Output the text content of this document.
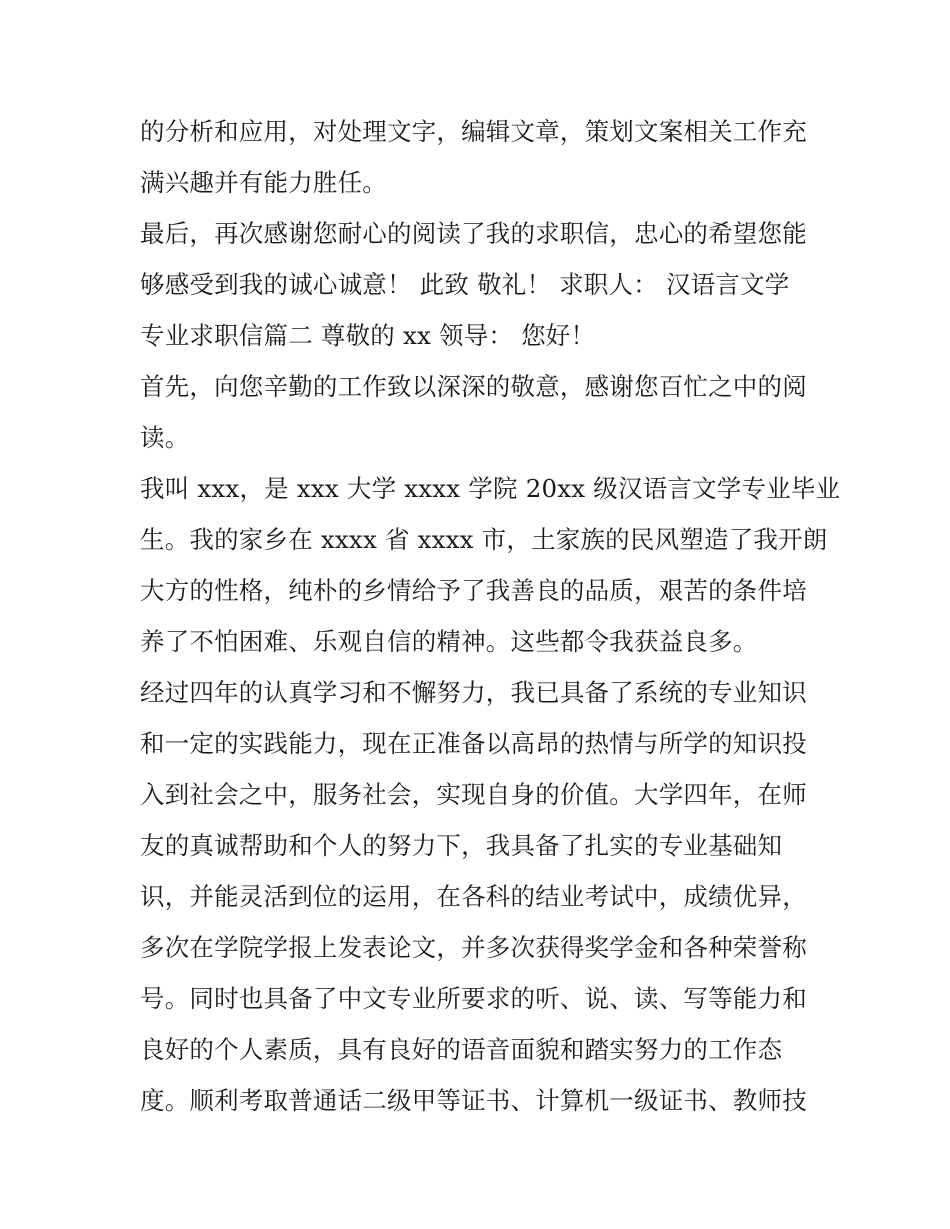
的分析和应用，对处理文字，编辑文章，策划文案相关工作充
满兴趣并有能力胜任。
最后，再次感谢您耐心的阅读了我的求职信，忠心的希望您能
够感受到我的诚心诚意！ 此致 敬礼！ 求职人： 汉语言文学
专业求职信篇二 尊敬的 xx 领导： 您好！
首先，向您辛勤的工作致以深深的敬意，感谢您百忙之中的阅
读。
我叫 xxx，是 xxx 大学 xxxx 学院 20xx 级汉语言文学专业毕业
生。我的家乡在 xxxx 省 xxxx 市，土家族的民风塑造了我开朗
大方的性格，纯朴的乡情给予了我善良的品质，艰苦的条件培
养了不怕困难、乐观自信的精神。这些都令我获益良多。
经过四年的认真学习和不懈努力，我已具备了系统的专业知识
和一定的实践能力，现在正准备以高昂的热情与所学的知识投
入到社会之中，服务社会，实现自身的价值。大学四年，在师
友的真诚帮助和个人的努力下，我具备了扎实的专业基础知
识，并能灵活到位的运用，在各科的结业考试中，成绩优异，
多次在学院学报上发表论文，并多次获得奖学金和各种荣誉称
号。同时也具备了中文专业所要求的听、说、读、写等能力和
良好的个人素质，具有良好的语音面貌和踏实努力的工作态
度。顺利考取普通话二级甲等证书、计算机一级证书、教师技
